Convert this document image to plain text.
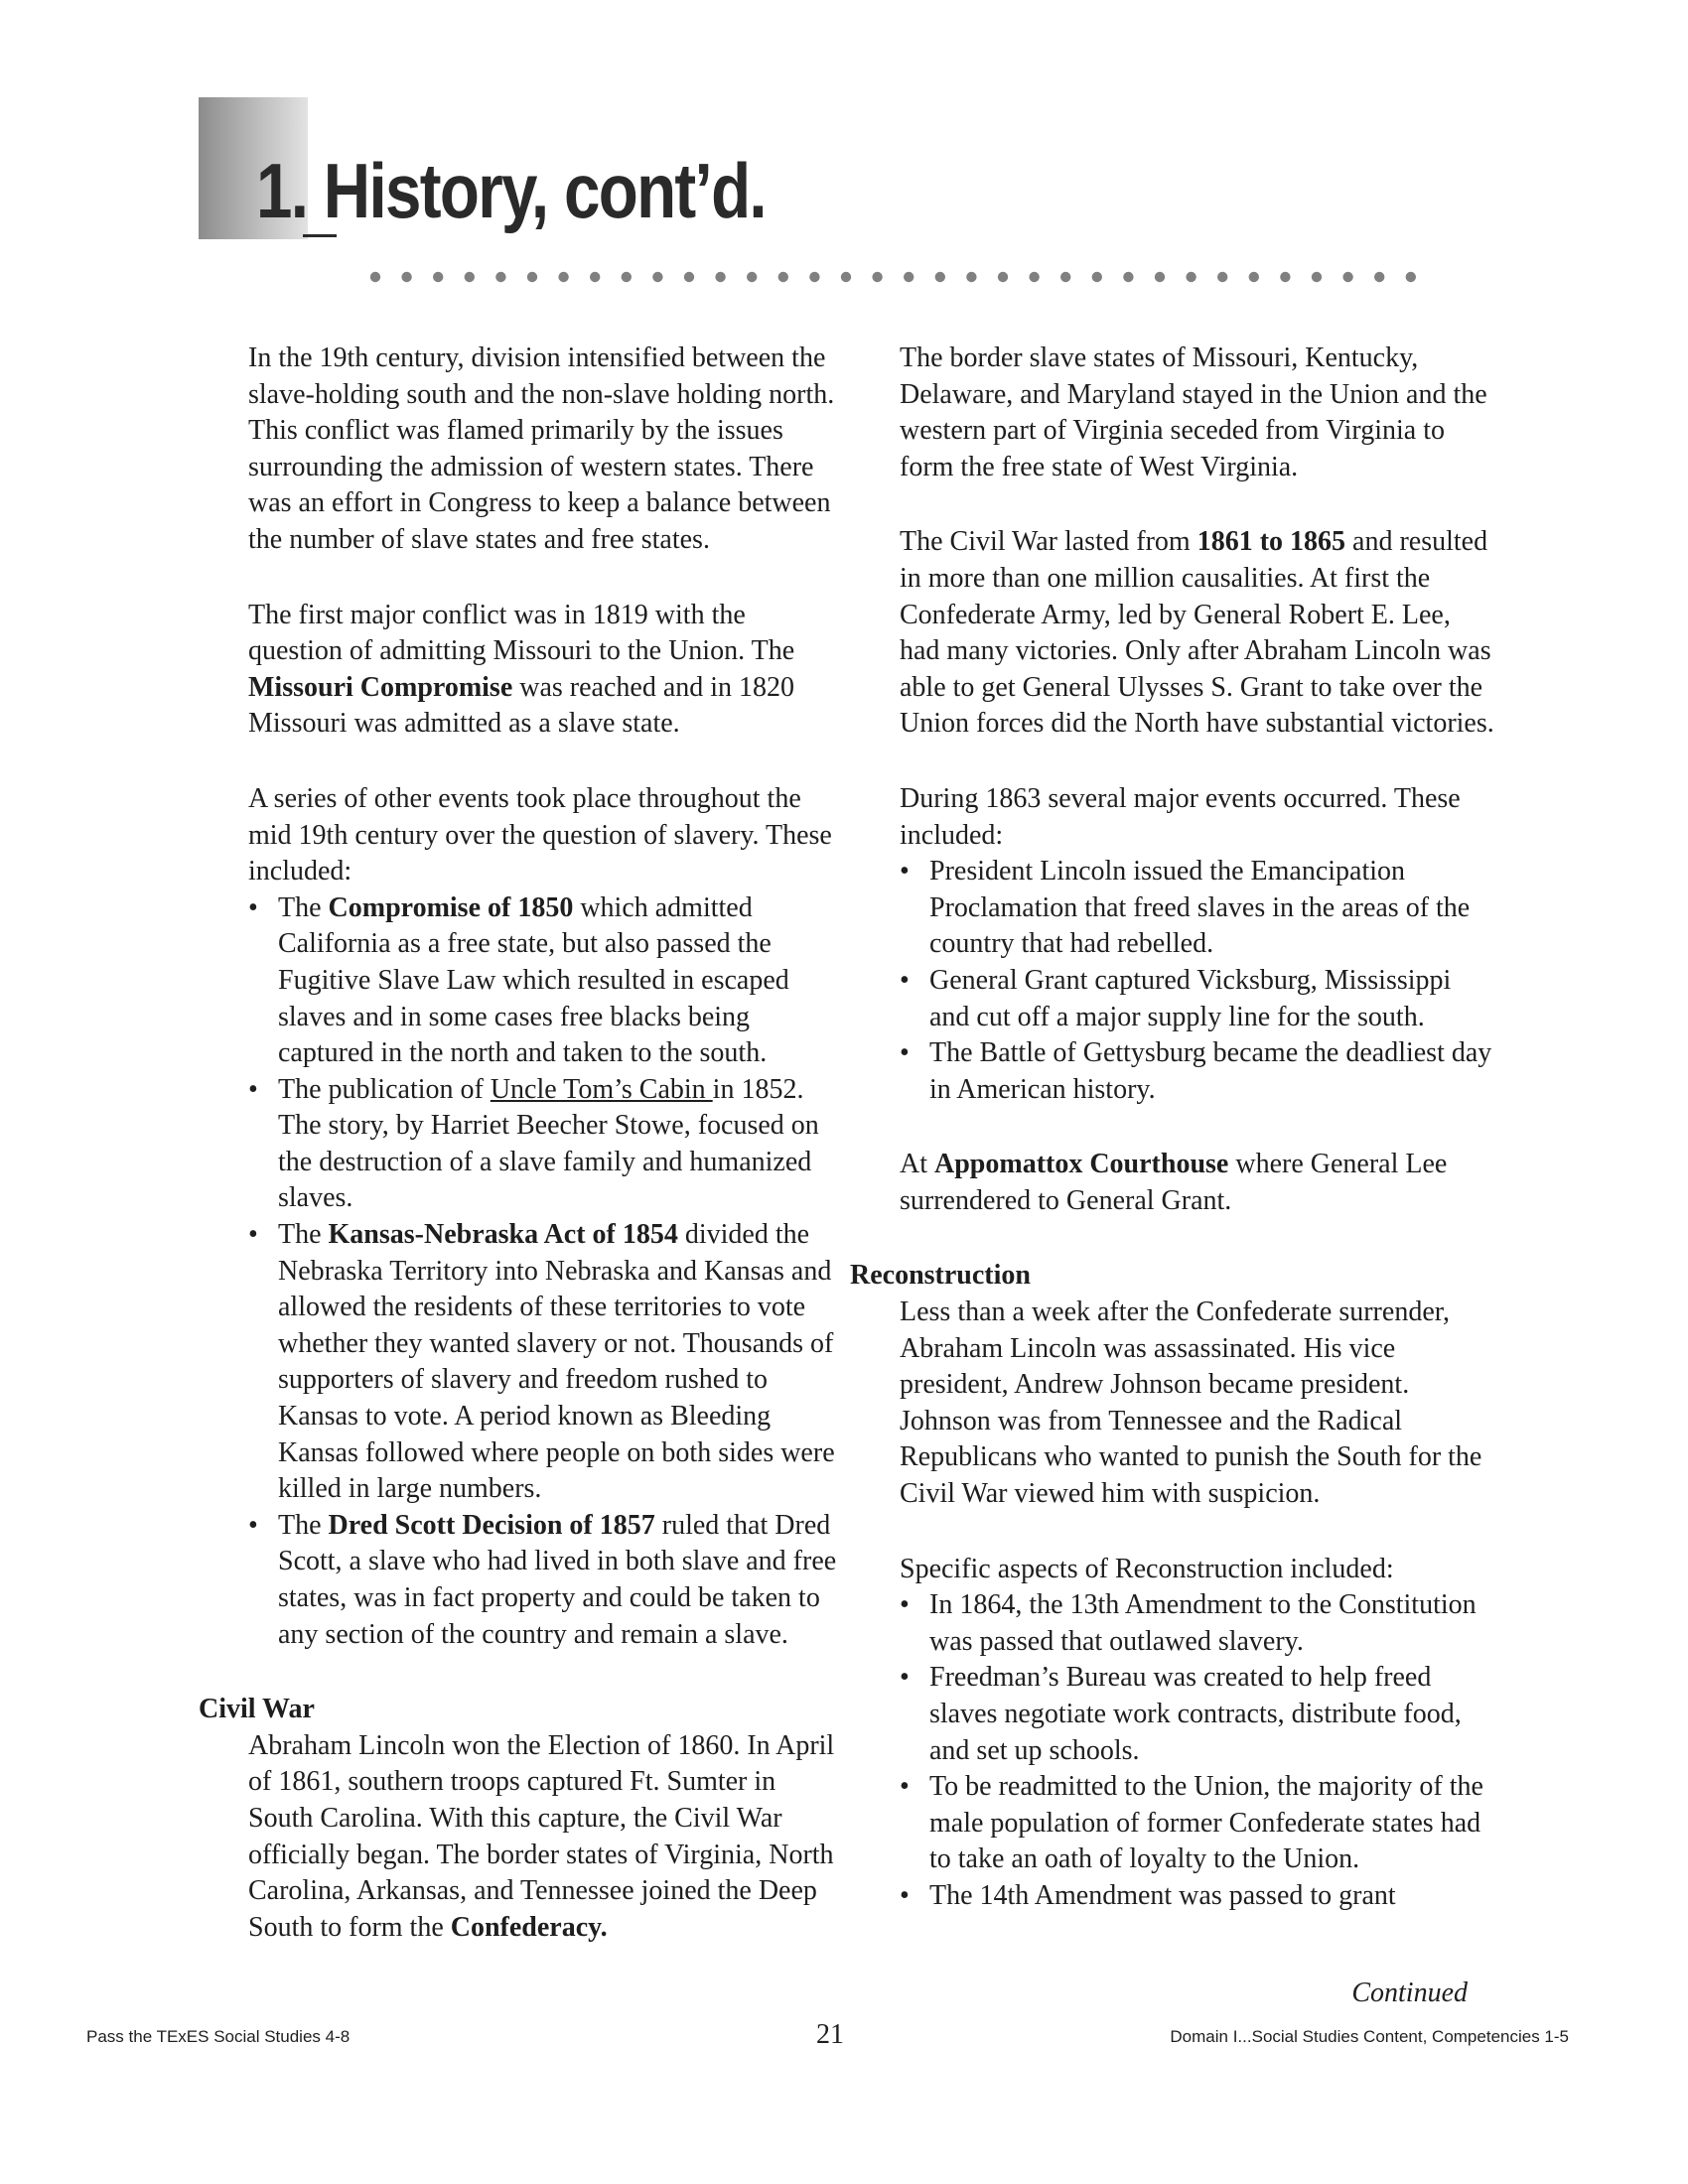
1. History, cont’d.

In the 19th century, division intensified between the slave-holding south and the non-slave holding north. This conflict was flamed primarily by the issues surrounding the admission of western states. There was an effort in Congress to keep a balance between the number of slave states and free states.

The first major conflict was in 1819 with the question of admitting Missouri to the Union. The Missouri Compromise was reached and in 1820 Missouri was admitted as a slave state.

A series of other events took place throughout the mid 19th century over the question of slavery. These included:

• The Compromise of 1850 which admitted California as a free state, but also passed the Fugitive Slave Law which resulted in escaped slaves and in some cases free blacks being captured in the north and taken to the south.
• The publication of Uncle Tom’s Cabin in 1852. The story, by Harriet Beecher Stowe, focused on the destruction of a slave family and humanized slaves.
• The Kansas-Nebraska Act of 1854 divided the Nebraska Territory into Nebraska and Kansas and allowed the residents of these territories to vote whether they wanted slavery or not. Thousands of supporters of slavery and freedom rushed to Kansas to vote. A period known as Bleeding Kansas followed where people on both sides were killed in large numbers.
• The Dred Scott Decision of 1857 ruled that Dred Scott, a slave who had lived in both slave and free states, was in fact property and could be taken to any section of the country and remain a slave.
Civil War

Abraham Lincoln won the Election of 1860. In April of 1861, southern troops captured Ft. Sumter in South Carolina. With this capture, the Civil War officially began. The border states of Virginia, North Carolina, Arkansas, and Tennessee joined the Deep South to form the Confederacy.

The border slave states of Missouri, Kentucky, Delaware, and Maryland stayed in the Union and the western part of Virginia seceded from Virginia to form the free state of West Virginia.

The Civil War lasted from 1861 to 1865 and resulted in more than one million causalities. At first the Confederate Army, led by General Robert E. Lee, had many victories. Only after Abraham Lincoln was able to get General Ulysses S. Grant to take over the Union forces did the North have substantial victories.

During 1863 several major events occurred. These included:

• President Lincoln issued the Emancipation Proclamation that freed slaves in the areas of the country that had rebelled.
• General Grant captured Vicksburg, Mississippi and cut off a major supply line for the south.
• The Battle of Gettysburg became the deadliest day in American history.

At Appomattox Courthouse where General Lee surrendered to General Grant.

Reconstruction

Less than a week after the Confederate surrender, Abraham Lincoln was assassinated. His vice president, Andrew Johnson became president. Johnson was from Tennessee and the Radical Republicans who wanted to punish the South for the Civil War viewed him with suspicion.

Specific aspects of Reconstruction included:

• In 1864, the 13th Amendment to the Constitution was passed that outlawed slavery.
• Freedman’s Bureau was created to help freed slaves negotiate work contracts, distribute food, and set up schools.
• To be readmitted to the Union, the majority of the male population of former Confederate states had to take an oath of loyalty to the Union.
• The 14th Amendment was passed to grant
Continued
Pass the TExES Social Studies 4-8	21	Domain I...Social Studies Content, Competencies 1-5
